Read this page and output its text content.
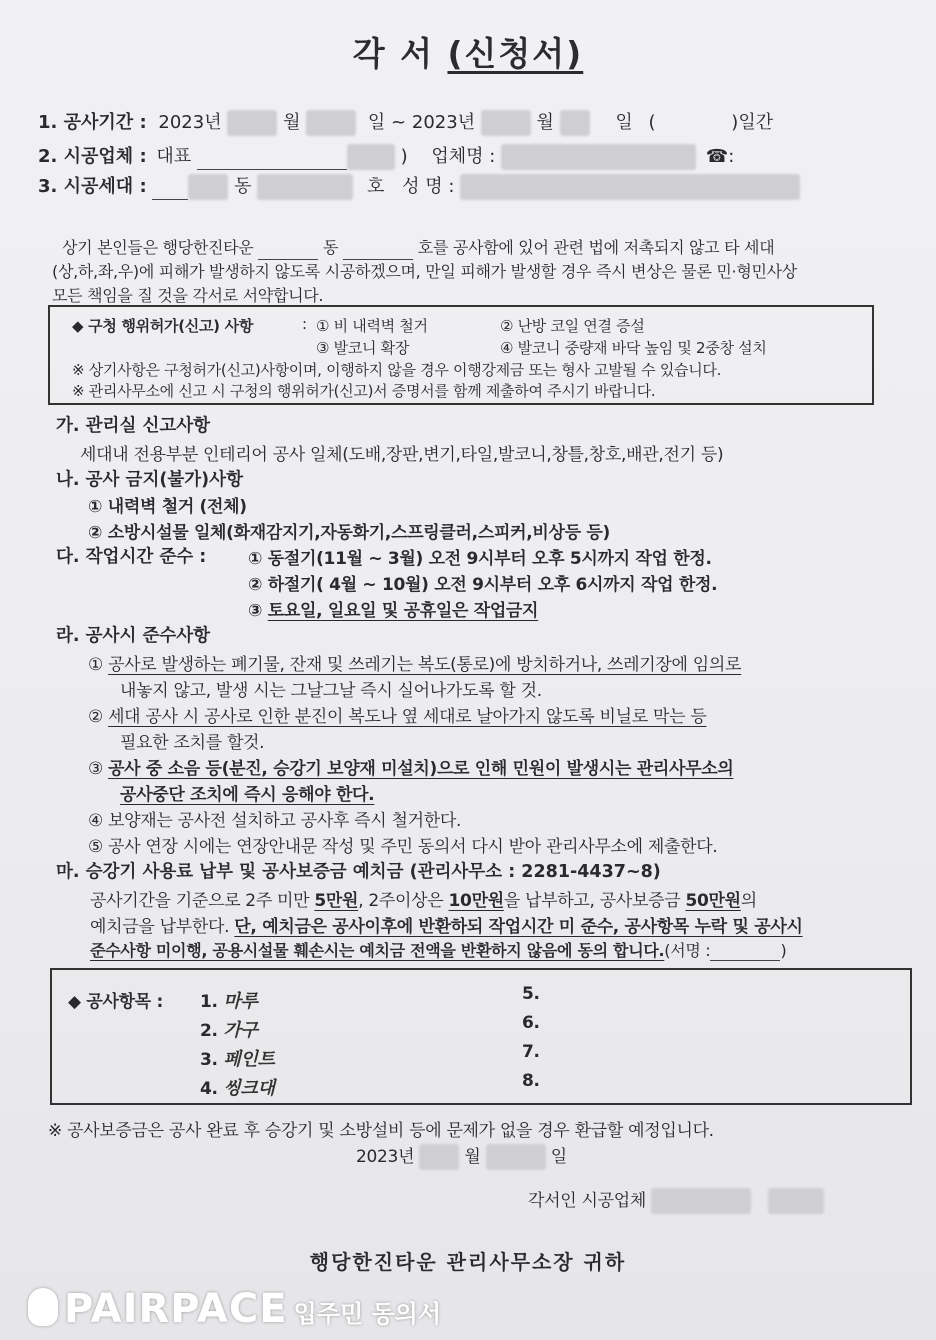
각 서 (신청서)
1. 공사기간 : 2023년	월	일 ~ 2023년	월	일 (	)일간
2. 시공업체 : 대표	) 업체명 :	☎:
3. 시공세대 :	동	호 성 명 :
상기 본인들은 행당한진타운	동	호를 공사함에 있어 관련 법에 저촉되지 않고 타 세대
(상,하,좌,우)에 피해가 발생하지 않도록 시공하겠으며, 만일 피해가 발생할 경우 즉시 변상은 물론 민·형민사상
모든 책임을 질 것을 각서로 서약합니다.
◆ 구청 행위허가(신고) 사항	: ① 비 내력벽 철거	② 난방 코일 연결 증설
③ 발코니 확장	④ 발코니 중량재 바닥 높임 및 2중창 설치
※ 상기사항은 구청허가(신고)사항이며, 이행하지 않을 경우 이행강제금 또는 형사 고발될 수 있습니다.
※ 관리사무소에 신고 시 구청의 행위허가(신고)서 증명서를 함께 제출하여 주시기 바랍니다.
가. 관리실 신고사항
세대내 전용부분 인테리어 공사 일체(도배,장판,변기,타일,발코니,창틀,창호,배관,전기 등)
나. 공사 금지(불가)사항
① 내력벽 철거 (전체)
② 소방시설물 일체(화재감지기,자동화기,스프링클러,스피커,비상등 등)
다. 작업시간 준수 : ① 동절기(11월 ~ 3월) 오전 9시부터 오후 5시까지 작업 한정.
② 하절기( 4월 ~ 10월) 오전 9시부터 오후 6시까지 작업 한정.
③ 토요일, 일요일 및 공휴일은 작업금지
라. 공사시 준수사항
① 공사로 발생하는 폐기물, 잔재 및 쓰레기는 복도(통로)에 방치하거나, 쓰레기장에 임의로
내놓지 않고, 발생 시는 그날그날 즉시 실어나가도록 할 것.
② 세대 공사 시 공사로 인한 분진이 복도나 옆 세대로 날아가지 않도록 비닐로 막는 등
필요한 조치를 할것.
③ 공사 중 소음 등(분진, 승강기 보양재 미설치)으로 인해 민원이 발생시는 관리사무소의
공사중단 조치에 즉시 응해야 한다.
④ 보양재는 공사전 설치하고 공사후 즉시 철거한다.
⑤ 공사 연장 시에는 연장안내문 작성 및 주민 동의서 다시 받아 관리사무소에 제출한다.
마. 승강기 사용료 납부 및 공사보증금 예치금 (관리사무소 : 2281-4437~8)
공사기간을 기준으로 2주 미만 5만원, 2주이상은 10만원을 납부하고, 공사보증금 50만원의
예치금을 납부한다. 단, 예치금은 공사이후에 반환하되 작업시간 미 준수, 공사항목 누락 및 공사시
준수사항 미이행, 공용시설물 훼손시는 예치금 전액을 반환하지 않음에 동의 합니다.(서명 :	)
◆ 공사항목 : 1. 마루
2. 가구
3. 페인트
4. 씽크대
5.
6.
7.
8.
※ 공사보증금은 공사 완료 후 승강기 및 소방설비 등에 문제가 없을 경우 환급할 예정입니다.
2023년	월	일
각서인 시공업체
행당한진타운 관리사무소장 귀하
PAIRPACE 입주민 동의서
